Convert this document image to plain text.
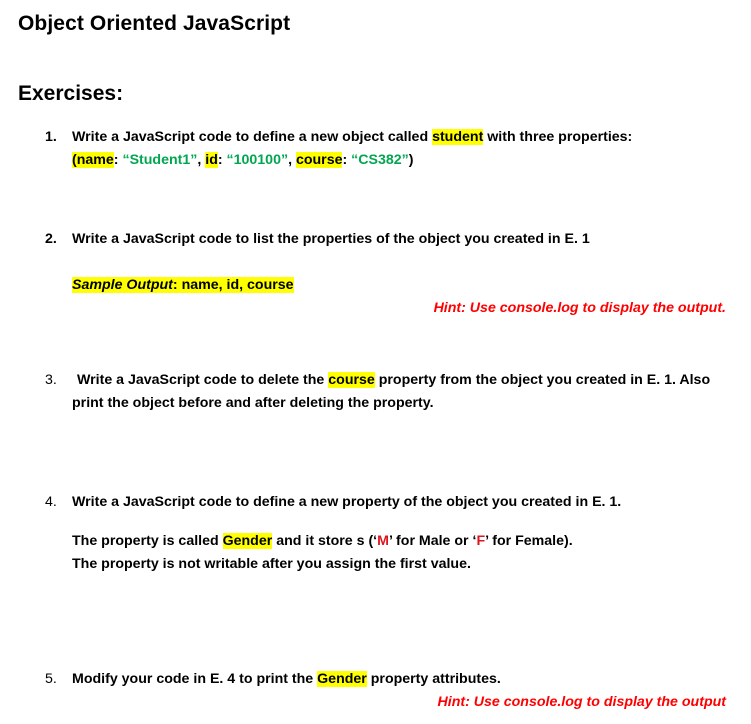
Object Oriented JavaScript
Exercises:
1. Write a JavaScript code to define a new object called student with three properties:
(name: “Student1”, id: “100100”, course: “CS382”)
2. Write a JavaScript code to list the properties of the object you created in E. 1
Sample Output: name, id, course
Hint: Use console.log to display the output.
3. Write a JavaScript code to delete the course property from the object you created in E. 1. Also
print the object before and after deleting the property.
4. Write a JavaScript code to define a new property of the object you created in E. 1.
The property is called Gender and it store s (‘M’ for Male or ‘F’ for Female).
The property is not writable after you assign the first value.
5. Modify your code in E. 4 to print the Gender property attributes.
Hint: Use console.log to display the output
